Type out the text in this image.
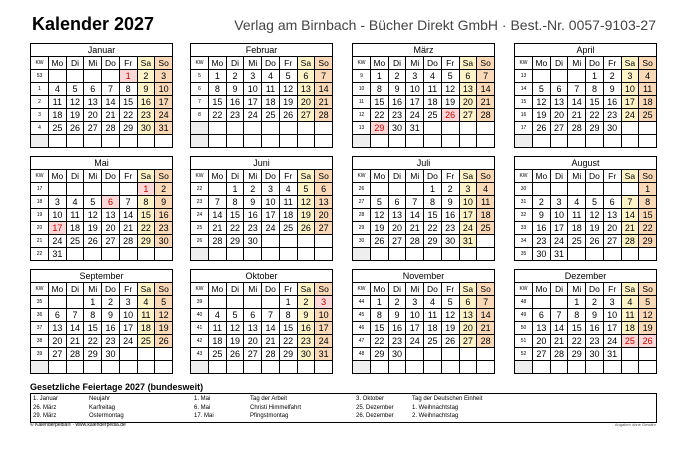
Kalender 2027	Verlag am Birnbach - Bücher Direkt GmbH · Best.-Nr. 0057-9103-27
Januar
KW	Mo	Di	Mi	Do	Fr	Sa	So
53					1	2	3
1	4	5	6	7	8	9	10
2	11	12	13	14	15	16	17
3	18	19	20	21	22	23	24
4	25	26	27	28	29	30	31

Februar
KW	Mo	Di	Mi	Do	Fr	Sa	So
5	1	2	3	4	5	6	7
6	8	9	10	11	12	13	14
7	15	16	17	18	19	20	21
8	22	23	24	25	26	27	28

März
KW	Mo	Di	Mi	Do	Fr	Sa	So
9	1	2	3	4	5	6	7
10	8	9	10	11	12	13	14
11	15	16	17	18	19	20	21
12	22	23	24	25	26	27	28
13	29	30	31				

April
KW	Mo	Di	Mi	Do	Fr	Sa	So
13				1	2	3	4
14	5	6	7	8	9	10	11
15	12	13	14	15	16	17	18
16	19	20	21	22	23	24	25
17	26	27	28	29	30		

Mai
KW	Mo	Di	Mi	Do	Fr	Sa	So
17						1	2
18	3	4	5	6	7	8	9
19	10	11	12	13	14	15	16
20	17	18	19	20	21	22	23
21	24	25	26	27	28	29	30
22	31						
Juni
KW	Mo	Di	Mi	Do	Fr	Sa	So
22		1	2	3	4	5	6
23	7	8	9	10	11	12	13
24	14	15	16	17	18	19	20
25	21	22	23	24	25	26	27
26	28	29	30				

Juli
KW	Mo	Di	Mi	Do	Fr	Sa	So
26				1	2	3	4
27	5	6	7	8	9	10	11
28	12	13	14	15	16	17	18
29	19	20	21	22	23	24	25
30	26	27	28	29	30	31	

August
KW	Mo	Di	Mi	Do	Fr	Sa	So
30							1
31	2	3	4	5	6	7	8
32	9	10	11	12	13	14	15
33	16	17	18	19	20	21	22
34	23	24	25	26	27	28	29
35	30	31					
September
KW	Mo	Di	Mi	Do	Fr	Sa	So
35			1	2	3	4	5
36	6	7	8	9	10	11	12
37	13	14	15	16	17	18	19
38	20	21	22	23	24	25	26
39	27	28	29	30			

Oktober
KW	Mo	Di	Mi	Do	Fr	Sa	So
39					1	2	3
40	4	5	6	7	8	9	10
41	11	12	13	14	15	16	17
42	18	19	20	21	22	23	24
43	25	26	27	28	29	30	31

November
KW	Mo	Di	Mi	Do	Fr	Sa	So
44	1	2	3	4	5	6	7
45	8	9	10	11	12	13	14
46	15	16	17	18	19	20	21
47	22	23	24	25	26	27	28
48	29	30					

Dezember
KW	Mo	Di	Mi	Do	Fr	Sa	So
48			1	2	3	4	5
49	6	7	8	9	10	11	12
50	13	14	15	16	17	18	19
51	20	21	22	23	24	25	26
52	27	28	29	30	31		

Gesetzliche Feiertage 2027 (bundesweit)
1. Januar	Neujahr
26. März	Karfreitag
29. März	Ostermontag
1. Mai	Tag der Arbeit
6. Mai	Christi Himmelfahrt
17. Mai	Pfingstmontag
3. Oktober	Tag der Deutschen Einheit
25. Dezember	1. Weihnachtstag
26. Dezember	2. Weihnachtstag
© Kalenderpedia® · www.kalenderpedia.de	Angaben ohne Gewähr
